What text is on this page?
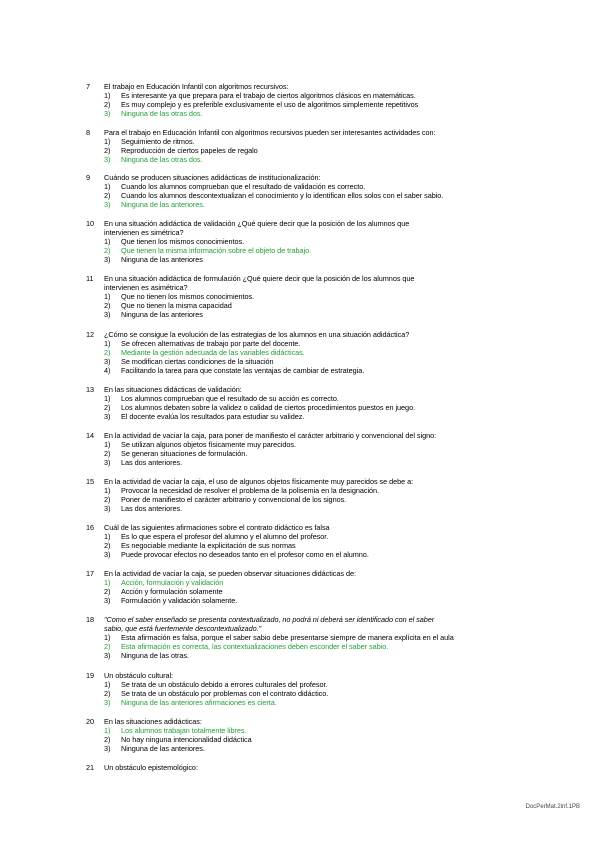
7	El trabajo en Educación Infantil con algoritmos recursivos:
1)	Es interesante ya que prepara para el trabajo de ciertos algoritmos clásicos en matemáticas.
2)	Es muy complejo y es preferible exclusivamente el uso de algoritmos simplemente repetitivos
3)	Ninguna de las otras dos.
8	Para el trabajo en Educación Infantil con algoritmos recursivos pueden ser interesantes actividades con:
1)	Seguimiento de ritmos.
2)	Reproducción de ciertos papeles de regalo
3)	Ninguna de las otras dos.
9	Cuándo se producen situaciones adidácticas de institucionalización:
1)	Cuando los alumnos comprueban que el resultado de validación es correcto.
2)	Cuando los alumnos descontextualizan el conocimiento y lo identifican ellos solos con el saber sabio.
3)	Ninguna de las anteriores.
10	En una situación adidáctica de validación ¿Qué quiere decir que la posición de los alumnos que
intervienen es simétrica?
1)	Que tienen los mismos conocimientos.
2)	Que tienen la misma información sobre el objeto de trabajo.
3)	Ninguna de las anteriores
11	En una situación adidáctica de formulación ¿Qué quiere decir que la posición de los alumnos que
intervienen es asimétrica?
1)	Que no tienen los mismos conocimientos.
2)	Que no tienen la misma capacidad
3)	Ninguna de las anteriores
12	¿Cómo se consigue la evolución de las estrategias de los alumnos en una situación adidáctica?
1)	Se ofrecen alternativas de trabajo por parte del docente.
2)	Mediante la gestión adecuada de las variables didácticas.
3)	Se modifican ciertas condiciones de la situación
4)	Facilitando la tarea para que constate las ventajas de cambiar de estrategia.
13	En las situaciones didácticas de validación:
1)	Los alumnos comprueban que el resultado de su acción es correcto.
2)	Los alumnos debaten sobre la validez o calidad de ciertos procedimientos puestos en juego.
3)	El docente evalúa los resultados para estudiar su validez.
14	En la actividad de vaciar la caja, para poner de manifiesto el carácter arbitrario y convencional del signo:
1)	Se utilizan algunos objetos físicamente muy parecidos.
2)	Se generan situaciones de formulación.
3)	Las dos anteriores.
15	En la actividad de vaciar la caja, el uso de algunos objetos físicamente muy parecidos se debe a:
1)	Provocar la necesidad de resolver el problema de la polisemia en la designación.
2)	Poner de manifiesto el carácter arbitrario y convencional de los signos.
3)	Las dos anteriores.
16	Cuál de las siguientes afirmaciones sobre el contrato didáctico es falsa
1)	Es lo que espera el profesor del alumno y el alumno del profesor.
2)	Es negociable mediante la explicitación de sus normas
3)	Puede provocar efectos no deseados tanto en el profesor como en el alumno.
17	En la actividad de vaciar la caja, se pueden observar situaciones didácticas de:
1)	Acción, formulación y validación
2)	Acción y formulación solamente
3)	Formulación y validación solamente.
18	"Como el saber enseñado se presenta contextualizado, no podrá ni deberá ser identificado con el saber
sabio, que está fuertemente descontextualizado."
1)	Esta afirmación es falsa, porque el saber sabio debe presentarse siempre de manera explícita en el aula
2)	Esta afirmación es correcta, las contextualizaciones deben esconder el saber sabio.
3)	Ninguna de las otras.
19	Un obstáculo cultural:
1)	Se trata de un obstáculo debido a errores culturales del profesor.
2)	Se trata de un obstáculo por problemas con el contrato didáctico.
3)	Ninguna de las anteriores afirmaciones es cierta.
20	En las situaciones adidácticas:
1)	Los alumnos trabajan totalmente libres.
2)	No hay ninguna intencionalidad didáctica
3)	Ninguna de las anteriores.
21	Un obstáculo epistemológico:
DocPerMat.2inf.1PB
